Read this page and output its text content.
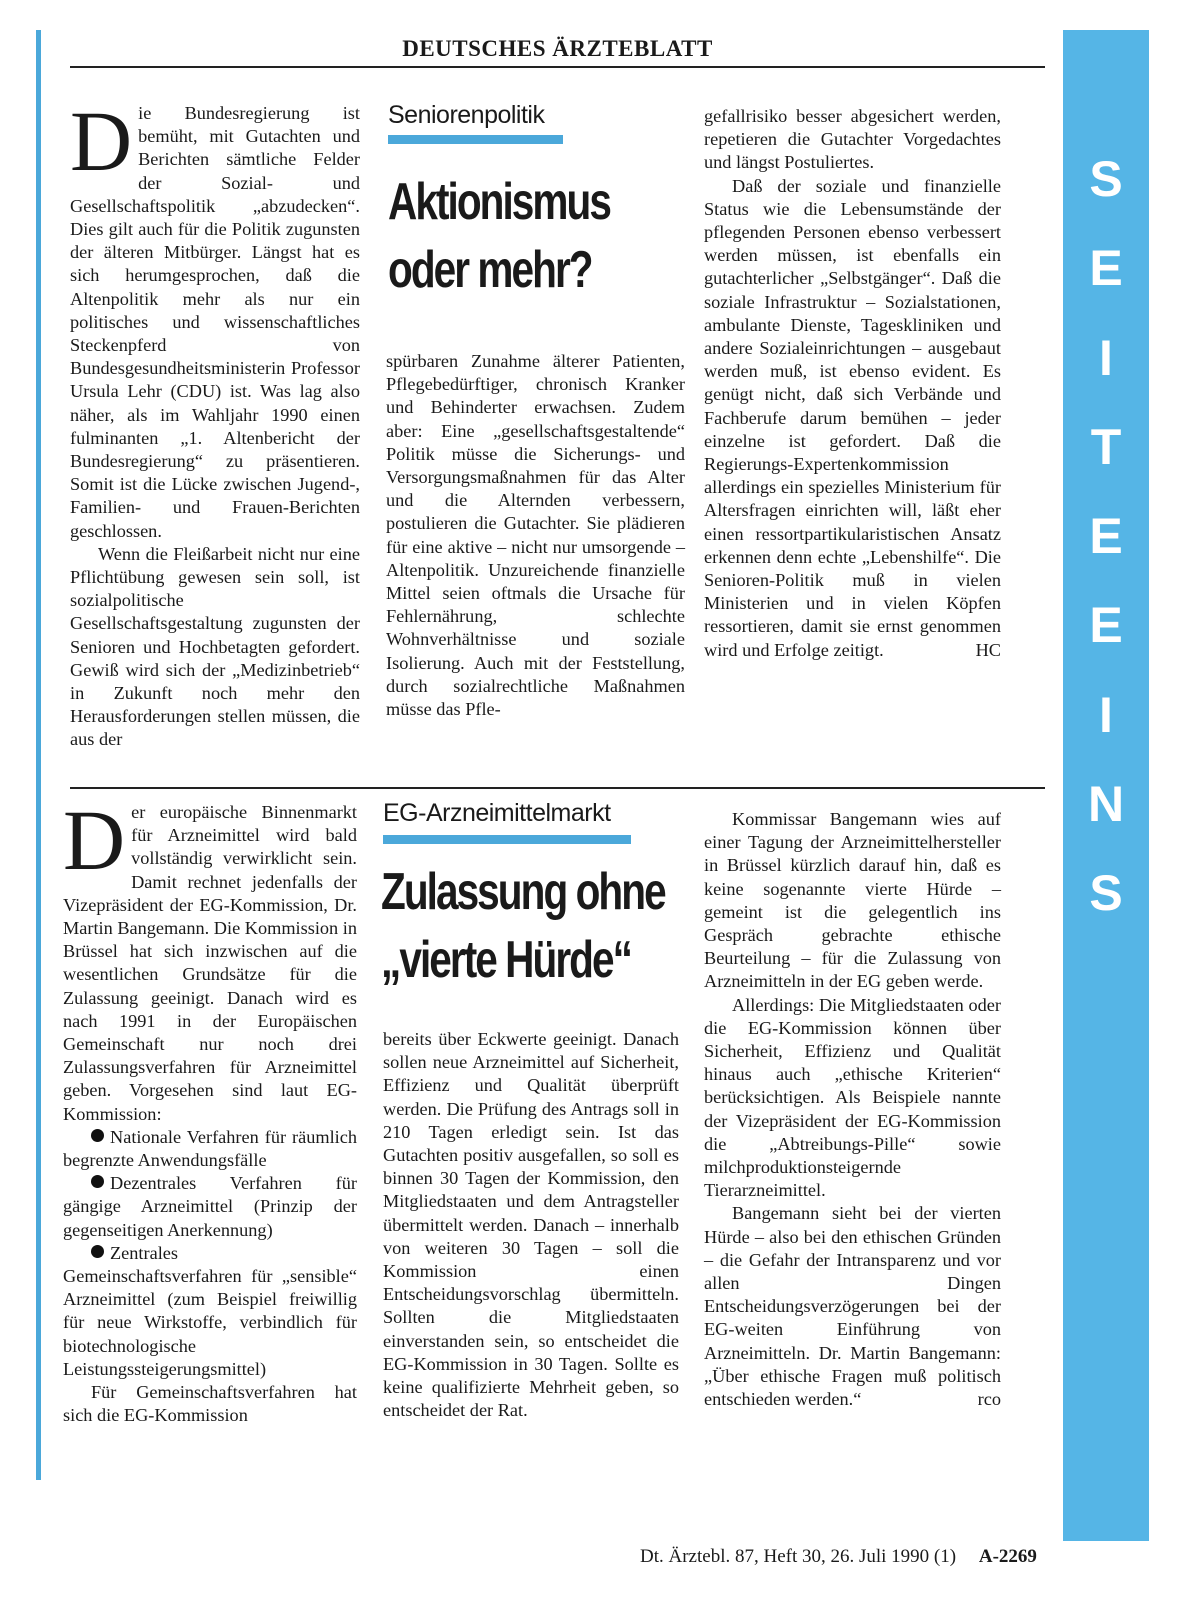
S
E
I
T
E
E
I
N
S
DEUTSCHES ÄRZTEBLATT
D ie Bundesregierung ist bemüht, mit Gutachten und Berichten sämtliche Felder der Sozial- und Gesellschaftspolitik „abzudecken“. Dies gilt auch für die Politik zugunsten der älteren Mitbürger. Längst hat es sich herumgesprochen, daß die Altenpolitik mehr als nur ein politisches und wissenschaftliches Steckenpferd von Bundesgesundheitsministerin Professor Ursula Lehr (CDU) ist. Was lag also näher, als im Wahljahr 1990 einen fulminanten „1. Altenbericht der Bundesregierung“ zu präsentieren. Somit ist die Lücke zwischen Jugend-, Familien- und Frauen-Berichten geschlossen.

Wenn die Fleißarbeit nicht nur eine Pflichtübung gewesen sein soll, ist sozialpolitische Gesellschaftsgestaltung zugunsten der Senioren und Hochbetagten gefordert. Gewiß wird sich der „Medizinbetrieb“ in Zukunft noch mehr den Herausforderungen stellen müssen, die aus der

Seniorenpolitik
Aktionismus
oder mehr?

spürbaren Zunahme älterer Patienten, Pflegebedürftiger, chronisch Kranker und Behinderter erwachsen. Zudem aber: Eine „gesellschaftsgestaltende“ Politik müsse die Sicherungs- und Versorgungsmaßnahmen für das Alter und die Alternden verbessern, postulieren die Gutachter. Sie plädieren für eine aktive – nicht nur umsorgende – Altenpolitik. Unzureichende finanzielle Mittel seien oftmals die Ursache für Fehlernährung, schlechte Wohnverhältnisse und soziale Isolierung. Auch mit der Feststellung, durch sozialrechtliche Maßnahmen müsse das Pfle-

gefallrisiko besser abgesichert werden, repetieren die Gutachter Vorgedachtes und längst Postuliertes.

Daß der soziale und finanzielle Status wie die Lebensumstände der pflegenden Personen ebenso verbessert werden müssen, ist ebenfalls ein gutachterlicher „Selbstgänger“. Daß die soziale Infrastruktur – Sozialstationen, ambulante Dienste, Tageskliniken und andere Sozialeinrichtungen – ausgebaut werden muß, ist ebenso evident. Es genügt nicht, daß sich Verbände und Fachberufe darum bemühen – jeder einzelne ist gefordert. Daß die Regierungs-Expertenkommission allerdings ein spezielles Ministerium für Altersfragen einrichten will, läßt eher einen ressortpartikularistischen Ansatz erkennen denn echte „Lebenshilfe“. Die Senioren-Politik muß in vielen Ministerien und in vielen Köpfen ressortieren, damit sie ernst genommen wird und Erfolge zeitigt.	HC

D er europäische Binnenmarkt für Arzneimittel wird bald vollständig verwirklicht sein. Damit rechnet jedenfalls der Vizepräsident der EG-Kommission, Dr. Martin Bangemann. Die Kommission in Brüssel hat sich inzwischen auf die wesentlichen Grundsätze für die Zulassung geeinigt. Danach wird es nach 1991 in der Europäischen Gemeinschaft nur noch drei Zulassungsverfahren für Arzneimittel geben. Vorgesehen sind laut EG-Kommission:

Nationale Verfahren für räumlich begrenzte Anwendungsfälle

Dezentrales Verfahren für gängige Arzneimittel (Prinzip der gegenseitigen Anerkennung)

Zentrales Gemeinschaftsverfahren für „sensible“ Arzneimittel (zum Beispiel freiwillig für neue Wirkstoffe, verbindlich für biotechnologische Leistungssteigerungsmittel)

Für Gemeinschaftsverfahren hat sich die EG-Kommission

EG-Arzneimittelmarkt
Zulassung ohne
„vierte Hürde“

bereits über Eckwerte geeinigt. Danach sollen neue Arzneimittel auf Sicherheit, Effizienz und Qualität überprüft werden. Die Prüfung des Antrags soll in 210 Tagen erledigt sein. Ist das Gutachten positiv ausgefallen, so soll es binnen 30 Tagen der Kommission, den Mitgliedstaaten und dem Antragsteller übermittelt werden. Danach – innerhalb von weiteren 30 Tagen – soll die Kommission einen Entscheidungsvorschlag übermitteln. Sollten die Mitgliedstaaten einverstanden sein, so entscheidet die EG-Kommission in 30 Tagen. Sollte es keine qualifizierte Mehrheit geben, so entscheidet der Rat.

Kommissar Bangemann wies auf einer Tagung der Arzneimittelhersteller in Brüssel kürzlich darauf hin, daß es keine sogenannte vierte Hürde – gemeint ist die gelegentlich ins Gespräch gebrachte ethische Beurteilung – für die Zulassung von Arzneimitteln in der EG geben werde.

Allerdings: Die Mitgliedstaaten oder die EG-Kommission können über Sicherheit, Effizienz und Qualität hinaus auch „ethische Kriterien“ berücksichtigen. Als Beispiele nannte der Vizepräsident der EG-Kommission die „Abtreibungs-Pille“ sowie milchproduktionsteigernde Tierarzneimittel.

Bangemann sieht bei der vierten Hürde – also bei den ethischen Gründen – die Gefahr der Intransparenz und vor allen Dingen Entscheidungsverzögerungen bei der EG-weiten Einführung von Arzneimitteln. Dr. Martin Bangemann: „Über ethische Fragen muß politisch entschieden werden.“	rco

Dt. Ärztebl. 87, Heft 30, 26. Juli 1990 (1) A-2269
